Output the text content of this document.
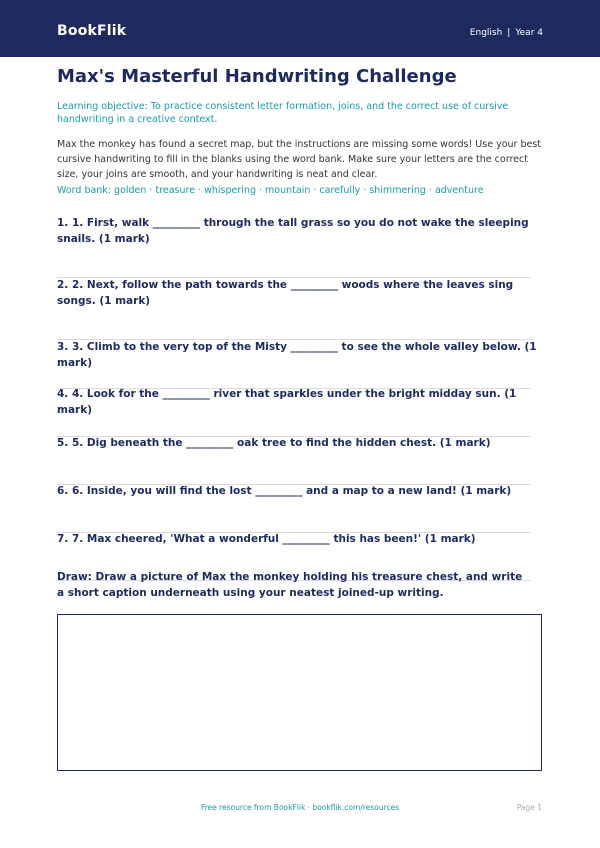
BookFlik	English | Year 4
Max's Masterful Handwriting Challenge
Learning objective: To practice consistent letter formation, joins, and the correct use of cursive handwriting in a creative context.
Max the monkey has found a secret map, but the instructions are missing some words! Use your best cursive handwriting to fill in the blanks using the word bank. Make sure your letters are the correct size, your joins are smooth, and your handwriting is neat and clear.
Word bank: golden · treasure · whispering · mountain · carefully · shimmering · adventure
1. 1. First, walk _________ through the tall grass so you do not wake the sleeping snails. (1 mark)
2. 2. Next, follow the path towards the _________ woods where the leaves sing songs. (1 mark)
3. 3. Climb to the very top of the Misty _________ to see the whole valley below. (1 mark)
4. 4. Look for the _________ river that sparkles under the bright midday sun. (1 mark)
5. 5. Dig beneath the _________ oak tree to find the hidden chest. (1 mark)
6. 6. Inside, you will find the lost _________ and a map to a new land! (1 mark)
7. 7. Max cheered, 'What a wonderful _________ this has been!' (1 mark)
Draw: Draw a picture of Max the monkey holding his treasure chest, and write a short caption underneath using your neatest joined-up writing.
Free resource from BookFlik · bookflik.com/resources	Page 1
